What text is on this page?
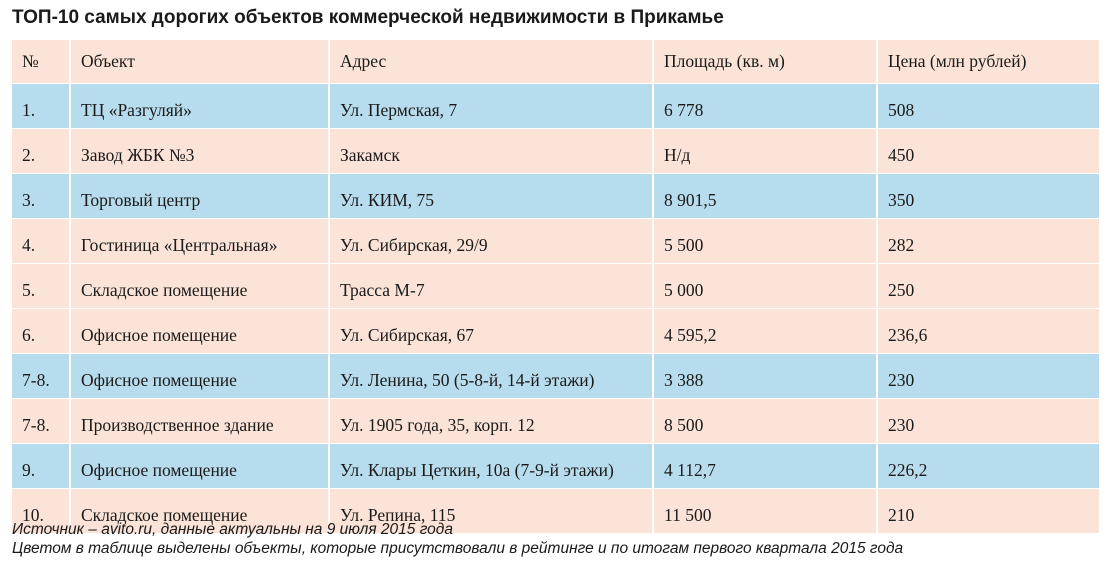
ТОП-10 самых дорогих объектов коммерческой недвижимости в Прикамье
№	Объект	Адрес	Площадь (кв. м)	Цена (млн рублей)
1.	ТЦ «Разгуляй»	Ул. Пермская, 7	6 778	508
2.	Завод ЖБК №3	Закамск	Н/д	450
3.	Торговый центр	Ул. КИМ, 75	8 901,5	350
4.	Гостиница «Центральная»	Ул. Сибирская, 29/9	5 500	282
5.	Складское помещение	Трасса М-7	5 000	250
6.	Офисное помещение	Ул. Сибирская, 67	4 595,2	236,6
7-8.	Офисное помещение	Ул. Ленина, 50 (5-8-й, 14-й этажи)	3 388	230
7-8.	Производственное здание	Ул. 1905 года, 35, корп. 12	8 500	230
9.	Офисное помещение	Ул. Клары Цеткин, 10а (7-9-й этажи)	4 112,7	226,2
10.	Складское помещение	Ул. Репина, 115	11 500	210
Источник – avito.ru, данные актуальны на 9 июля 2015 года
Цветом в таблице выделены объекты, которые присутствовали в рейтинге и по итогам первого квартала 2015 года
